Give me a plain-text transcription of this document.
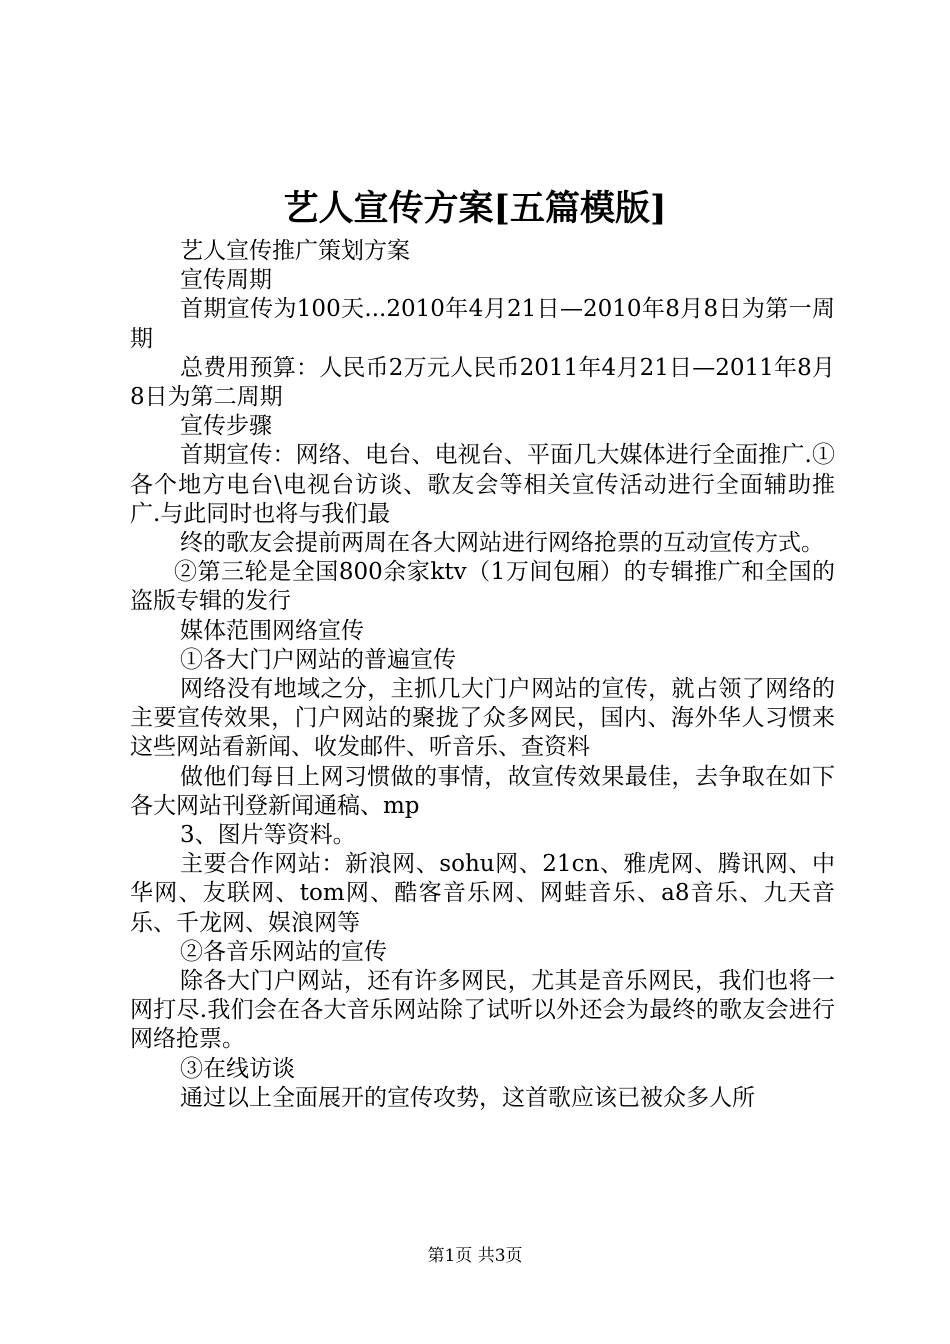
艺人宣传方案[五篇模版]

艺人宣传推广策划方案

宣传周期

首期宣传为100天...2010年4月21日—2010年8月8日为第一周期

总费用预算：人民币2万元人民币2011年4月21日—2011年8月8日为第二周期

宣传步骤

首期宣传：网络、电台、电视台、平面几大媒体进行全面推广.①各个地方电台\电视台访谈、歌友会等相关宣传活动进行全面辅助推广.与此同时也将与我们最

终的歌友会提前两周在各大网站进行网络抢票的互动宣传方式。

②第三轮是全国800余家ktv（1万间包厢）的专辑推广和全国的盗版专辑的发行

媒体范围网络宣传

①各大门户网站的普遍宣传

网络没有地域之分，主抓几大门户网站的宣传，就占领了网络的主要宣传效果，门户网站的聚拢了众多网民，国内、海外华人习惯来这些网站看新闻、收发邮件、听音乐、查资料

做他们每日上网习惯做的事情，故宣传效果最佳，去争取在如下各大网站刊登新闻通稿、mp

3、图片等资料。

主要合作网站：新浪网、sohu网、21cn、雅虎网、腾讯网、中华网、友联网、tom网、酷客音乐网、网蛙音乐、a8音乐、九天音乐、千龙网、娱浪网等

②各音乐网站的宣传

除各大门户网站，还有许多网民，尤其是音乐网民，我们也将一网打尽.我们会在各大音乐网站除了试听以外还会为最终的歌友会进行网络抢票。

③在线访谈

通过以上全面展开的宣传攻势，这首歌应该已被众多人所

第1页 共3页
